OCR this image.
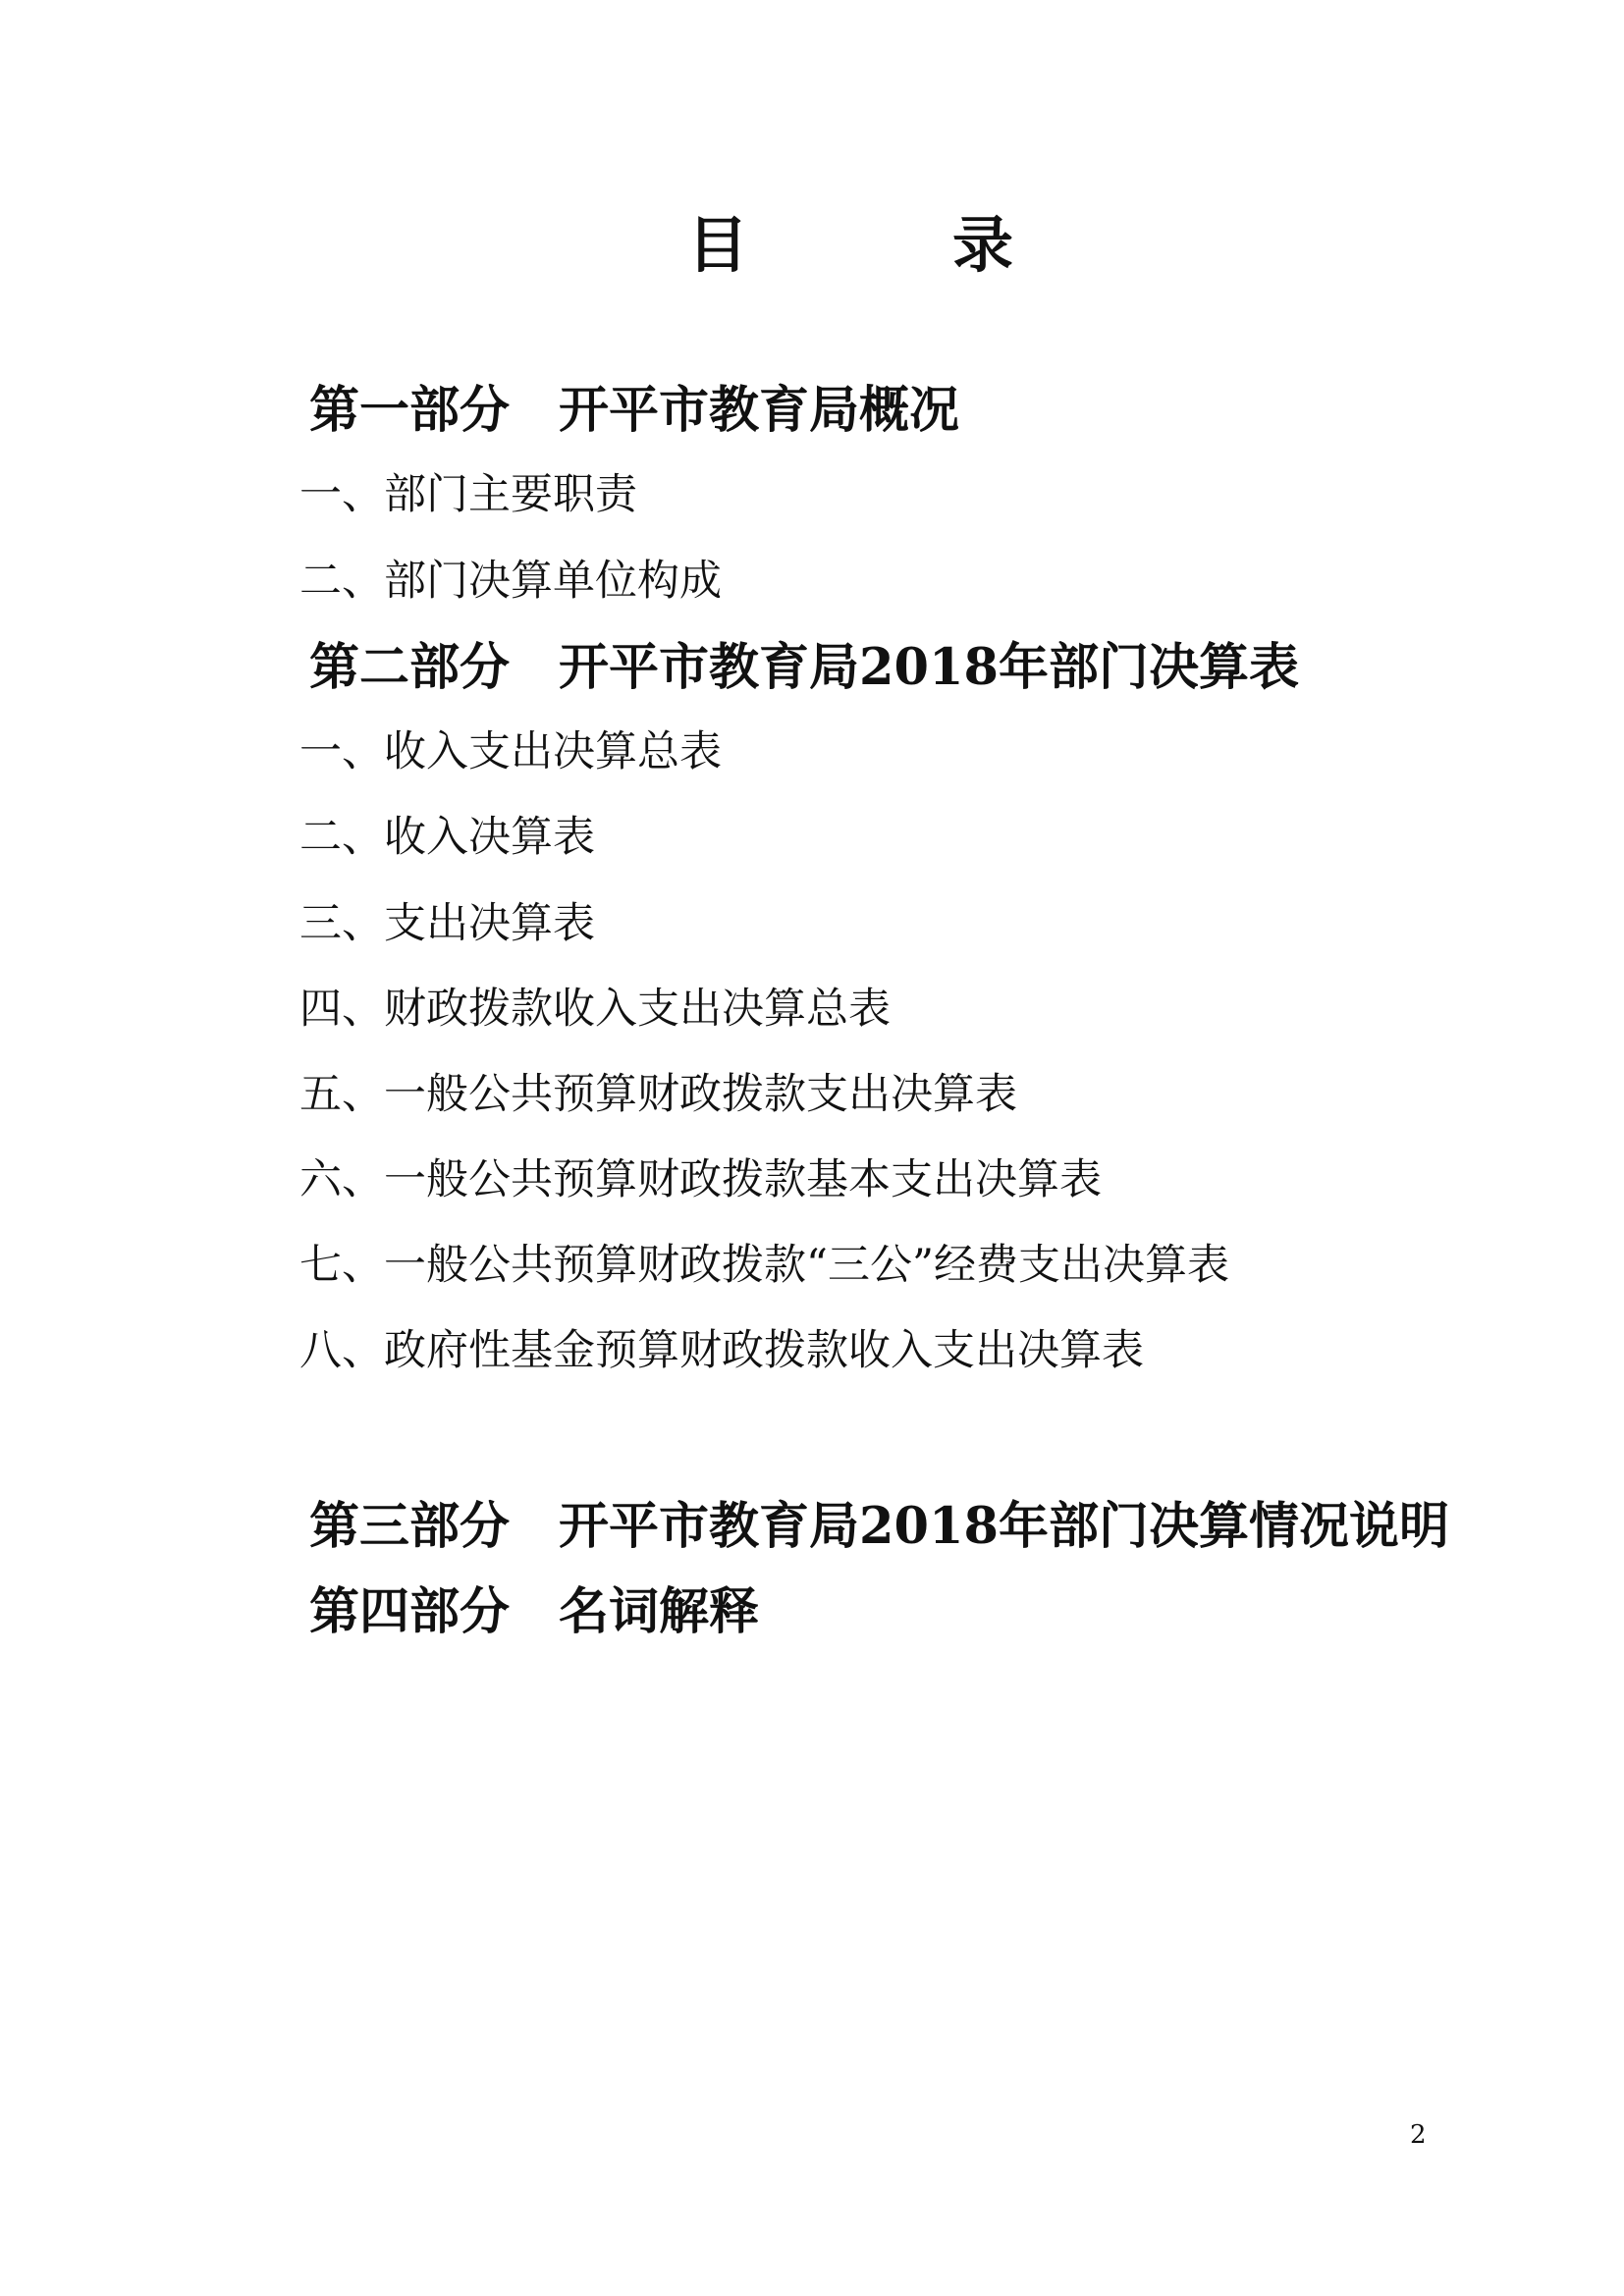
目	录
第一部分 开平市教育局概况
一、部门主要职责
二、部门决算单位构成
第二部分 开平市教育局2018年部门决算表
一、收入支出决算总表
二、收入决算表
三、支出决算表
四、财政拨款收入支出决算总表
五、一般公共预算财政拨款支出决算表
六、一般公共预算财政拨款基本支出决算表
七、一般公共预算财政拨款“三公”经费支出决算表
八、政府性基金预算财政拨款收入支出决算表
第三部分 开平市教育局2018年部门决算情况说明
第四部分 名词解释
2
